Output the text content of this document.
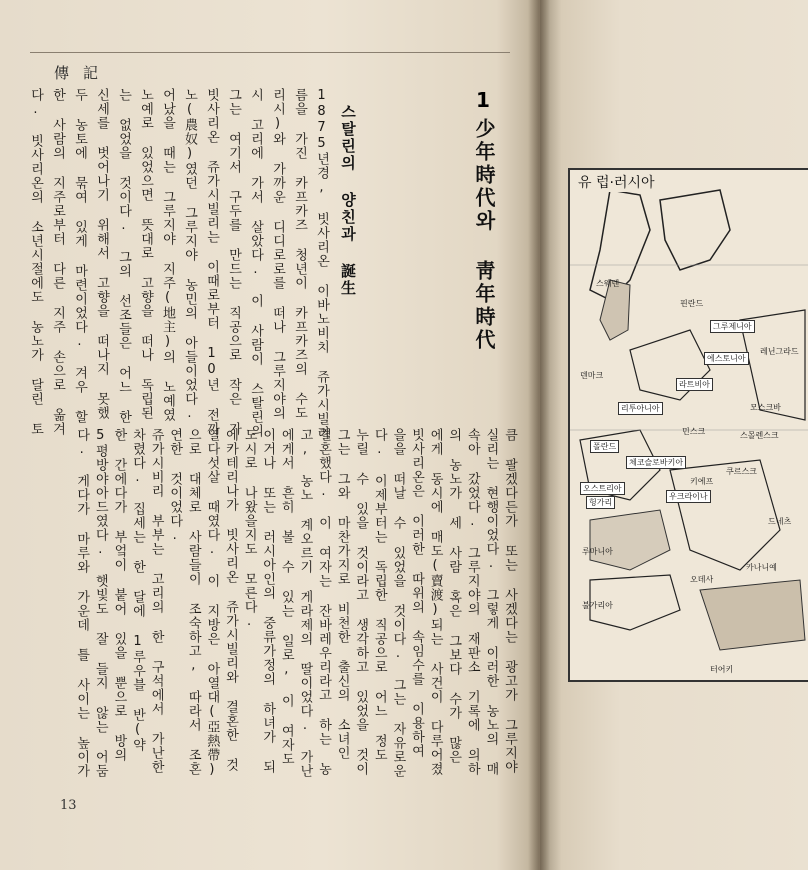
傳記
1
少年時代와 靑年時代
스탈린의 양친과 誕生
13
유 럽·러시아
스웨덴
핀란드
그루제니아
에스토니아
라트비아
리투아니아
덴마크
민스크
폴란드
체코슬로바키아
오스트리아
헝가리
루마니아
불가리아
터어키
드네츠
쿠르스크
모스크바
우크라이나
키에프
오데사
카나니예
스몰렌스크
레닌그라드
1875년경, 빗사리온 이바노비치 쥬가시빌리
름을 가진 카프카즈 청년이 카프카즈의 수도
리시)와 가까운 디디로로를 떠나 그루지야의
시 고리에 가서 살았다. 이 사람이 스탈린의
그는 여기서 구두를 만드는 직공으로 작은 가
빗사리온 쥬가시빌리는 이때로부터 10년 전까
노(農奴)였던 그루지야 농민의 아들이었다.
어났을 때는 그루지야 지주(地主)의 노예였
노예로 있었으면 뜻대로 고향을 떠나 독립된
는 없었을 것이다. 그의 선조들은 어느 한
신세를 벗어나기 위해서 고향을 떠나지 못했
두 농토에 묶여 있게 마련이었다. 겨우 할
한 사람의 지주로부터 다른 지주 손으로 옮겨
다. 빗사리온의 소년시절에도 농노가 달린 토	큼 팔겠다든가 또는 사겠다는 광고가 그루지야
실리는 현행이었다. 그렇게 이러한 농노의 매
속아 갔었다. 그루지야의 재판소 기록에 의하
의 농노가 세 사람 혹은 그보다 수가 많은
에게 동시에 매도(賣渡)되는 사건이 다루어졌
빗사리온은 이러한 따위의 속임수를 이용하여
을을 떠날 수 있었을 것이다. 그는 자유로운
다. 이제부터는 독립한 직공으로 어느 정도
누릴 수 있을 것이라고 생각하고 있었을 것이
그는 그와 마찬가지로 비천한 출신의 소녀인
결혼했다. 이 여자는 잔바레우리라고 하는 농
고, 농노 계오르기 게라제의 딸이었다. 가난
에게서 흔히 볼 수 있는 일로, 이 여자도
이거나 또는 러시아인의 중류가정의 하녀가 되
도시로 나왔을지도 모른다.
에카테리나가 빗사리온 쥬가시빌리와 결혼한 것
열다섯살 때였다. 이 지방은 아열대(亞熱帶)
으로 대체로 사람들이 조숙하고, 따라서 조혼
연한 것이었다.
쥬가시비리 부부는 고리의 한 구석에서 가난한
차렸다. 집세는 한 달에 1루우블 반(약
한 간에다가 부엌이 붙어 있을 뿐으로 방의
5평방야아드였다. 햇빛도 잘 들지 않는 어둠
다. 게다가 마루와 가운데 틀 사이는 높이가
